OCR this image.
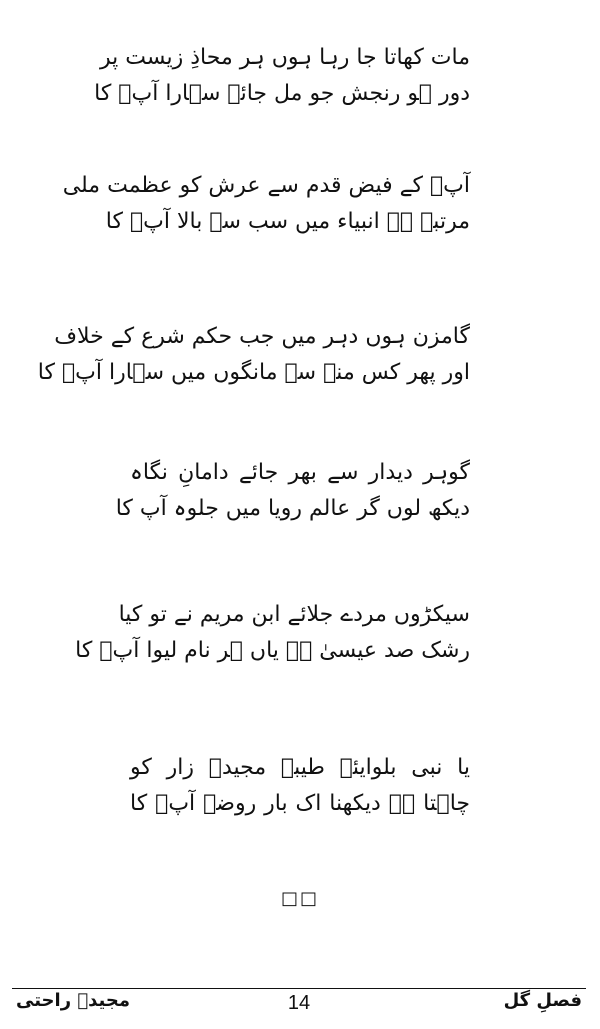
مات کھاتا جا رہا ہوں ہر محاذِ زیست پر
دور ہو رنجش جو مل جائے سہارا آپؐ کا
آپؐ کے فیض قدم سے عرش کو عظمت ملی
مرتبہ ہے انبیاء میں سب سے بالا آپؐ کا
گامزن ہوں دہر میں جب حکم شرع کے خلاف
اور پھر کس منہ سے مانگوں میں سہارا آپؐ کا
گوہر دیدار سے بھر جائے دامانِ نگاہ
دیکھ لوں گر عالم رویا میں جلوہ آپ کا
سیکڑوں مردے جلائے ابن مریم نے تو کیا
رشک صد عیسیٰ ہے یاں ہر نام لیوا آپؐ کا
یا نبی بلوایئے طیبہ مجیدؔ زار کو
چاہتا ہے دیکھنا اک بار روضہ آپؐ کا
□□
مجیدؔ راحتی	14	فصلِ گل
